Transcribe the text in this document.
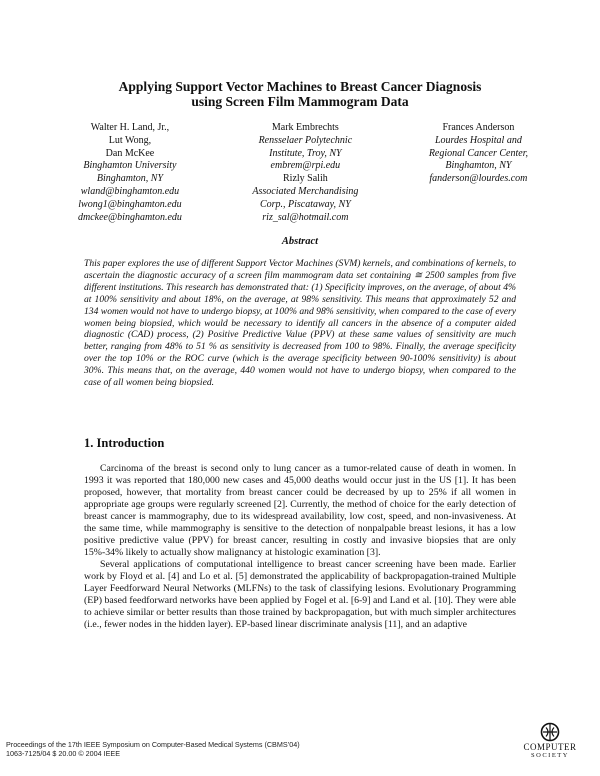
Applying Support Vector Machines to Breast Cancer Diagnosis
using Screen Film Mammogram Data
Walter H. Land, Jr.,
Lut Wong,
Dan McKee
Binghamton University
Binghamton, NY
wland@binghamton.edu
lwong1@binghamton.edu
dmckee@binghamton.edu
Mark Embrechts
Rensselaer Polytechnic
Institute, Troy, NY
embrem@rpi.edu
Rizly Salih
Associated Merchandising
Corp., Piscataway, NY
riz_sal@hotmail.com
Frances Anderson
Lourdes Hospital and
Regional Cancer Center,
Binghamton, NY
fanderson@lourdes.com
Abstract

This paper explores the use of different Support Vector Machines (SVM) kernels, and combinations of kernels, to ascertain the diagnostic accuracy of a screen film mammogram data set containing ≅ 2500 samples from five different institutions. This research has demonstrated that: (1) Specificity improves, on the average, of about 4% at 100% sensitivity and about 18%, on the average, at 98% sensitivity. This means that approximately 52 and 134 women would not have to undergo biopsy, at 100% and 98% sensitivity, when compared to the case of every women being biopsied, which would be necessary to identify all cancers in the absence of a computer aided diagnostic (CAD) process, (2) Positive Predictive Value (PPV) at these same values of sensitivity are much better, ranging from 48% to 51 % as sensitivity is decreased from 100 to 98%. Finally, the average specificity over the top 10% or the ROC curve (which is the average specificity between 90-100% sensitivity) is about 30%. This means that, on the average, 440 women would not have to undergo biopsy, when compared to the case of all women being biopsied.

1. Introduction

Carcinoma of the breast is second only to lung cancer as a tumor-related cause of death in women. In 1993 it was reported that 180,000 new cases and 45,000 deaths would occur just in the US [1]. It has been proposed, however, that mortality from breast cancer could be decreased by up to 25% if all women in appropriate age groups were regularly screened [2]. Currently, the method of choice for the early detection of breast cancer is mammography, due to its widespread availability, low cost, speed, and non-invasiveness. At the same time, while mammography is sensitive to the detection of nonpalpable breast lesions, it has a low positive predictive value (PPV) for breast cancer, resulting in costly and invasive biopsies that are only 15%-34% likely to actually show malignancy at histologic examination [3].

Several applications of computational intelligence to breast cancer screening have been made. Earlier work by Floyd et al. [4] and Lo et al. [5] demonstrated the applicability of backpropagation-trained Multiple Layer Feedforward Neural Networks (MLFNs) to the task of classifying lesions. Evolutionary Programming (EP) based feedforward networks have been applied by Fogel et al. [6-9] and Land et al. [10]. They were able to achieve similar or better results than those trained by backpropagation, but with much simpler architectures (i.e., fewer nodes in the hidden layer). EP-based linear discriminate analysis [11], and an adaptive

Proceedings of the 17th IEEE Symposium on Computer-Based Medical Systems (CBMS’04)
1063-7125/04 $ 20.00 © 2004 IEEE
COMPUTER
SOCIETY
